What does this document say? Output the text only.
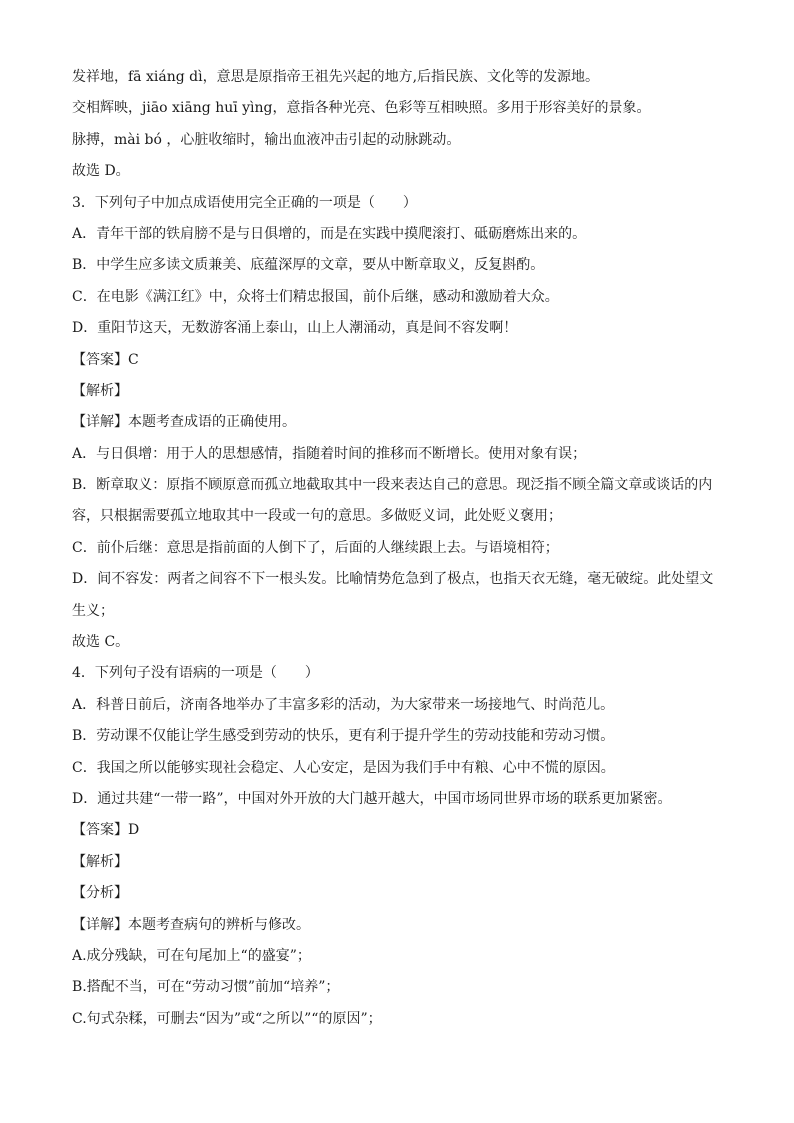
发祥地，fā xiáng dì，意思是原指帝王祖先兴起的地方,后指民族、文化等的发源地。
交相辉映，jiāo xiāng huī yìng，意指各种光亮、色彩等互相映照。多用于形容美好的景象。
脉搏，mài bó ，心脏收缩时，输出血液冲击引起的动脉跳动。
故选 D。
3．下列句子中加点成语使用完全正确的一项是（　　）
A．青年干部的铁肩膀不是与日俱增的，而是在实践中摸爬滚打、砥砺磨炼出来的。
B．中学生应多读文质兼美、底蕴深厚的文章，要从中断章取义，反复斟酌。
C．在电影《满江红》中，众将士们精忠报国，前仆后继，感动和激励着大众。
D．重阳节这天，无数游客涌上泰山，山上人潮涌动，真是间不容发啊！
【答案】C
【解析】
【详解】本题考查成语的正确使用。
A．与日俱增：用于人的思想感情，指随着时间的推移而不断增长。使用对象有误；
B．断章取义：原指不顾原意而孤立地截取其中一段来表达自己的意思。现泛指不顾全篇文章或谈话的内
容，只根据需要孤立地取其中一段或一句的意思。多做贬义词，此处贬义褒用；
C．前仆后继：意思是指前面的人倒下了，后面的人继续跟上去。与语境相符；
D．间不容发：两者之间容不下一根头发。比喻情势危急到了极点，也指天衣无缝，毫无破绽。此处望文
生义；
故选 C。
4．下列句子没有语病的一项是（　　）
A．科普日前后，济南各地举办了丰富多彩的活动，为大家带来一场接地气、时尚范儿。
B．劳动课不仅能让学生感受到劳动的快乐，更有利于提升学生的劳动技能和劳动习惯。
C．我国之所以能够实现社会稳定、人心安定，是因为我们手中有粮、心中不慌的原因。
D．通过共建“一带一路”，中国对外开放的大门越开越大，中国市场同世界市场的联系更加紧密。
【答案】D
【解析】
【分析】
【详解】本题考查病句的辨析与修改。
A.成分残缺，可在句尾加上“的盛宴”；
B.搭配不当，可在“劳动习惯”前加“培养”；
C.句式杂糅，可删去“因为”或“之所以”“的原因”；
